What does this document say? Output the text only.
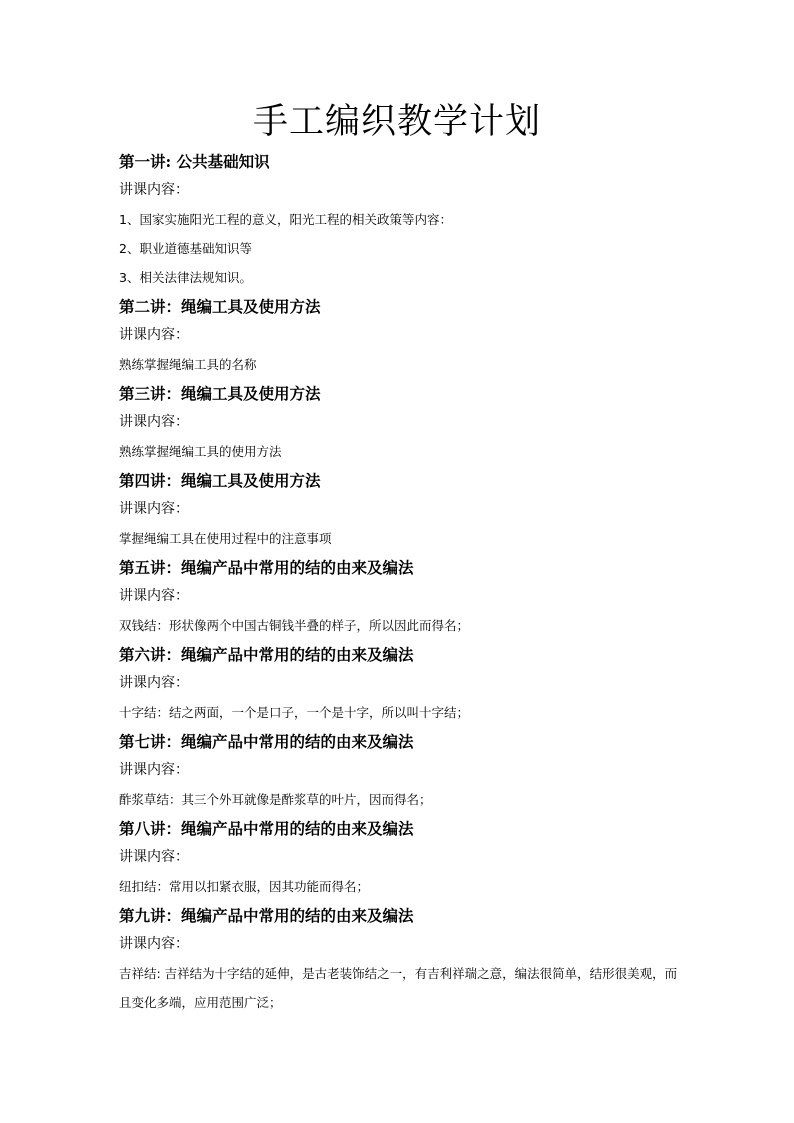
手工编织教学计划
第一讲: 公共基础知识
讲课内容：
1、国家实施阳光工程的意义，阳光工程的相关政策等内容：
2、职业道德基础知识等
3、相关法律法规知识。
第二讲：绳编工具及使用方法
讲课内容：
熟练掌握绳编工具的名称
第三讲：绳编工具及使用方法
讲课内容：
熟练掌握绳编工具的使用方法
第四讲：绳编工具及使用方法
讲课内容：
掌握绳编工具在使用过程中的注意事项
第五讲：绳编产品中常用的结的由来及编法
讲课内容：
双钱结：形状像两个中国古铜钱半叠的样子，所以因此而得名；
第六讲：绳编产品中常用的结的由来及编法
讲课内容：
十字结：结之两面，一个是口子，一个是十字，所以叫十字结；
第七讲：绳编产品中常用的结的由来及编法
讲课内容：
酢浆草结：其三个外耳就像是酢浆草的叶片，因而得名；
第八讲：绳编产品中常用的结的由来及编法
讲课内容：
纽扣结：常用以扣紧衣服，因其功能而得名；
第九讲：绳编产品中常用的结的由来及编法
讲课内容：
吉祥结: 吉祥结为十字结的延伸，是古老装饰结之一，有吉利祥瑞之意，编法很简单，结形很美观，而且变化多端，应用范围广泛；
